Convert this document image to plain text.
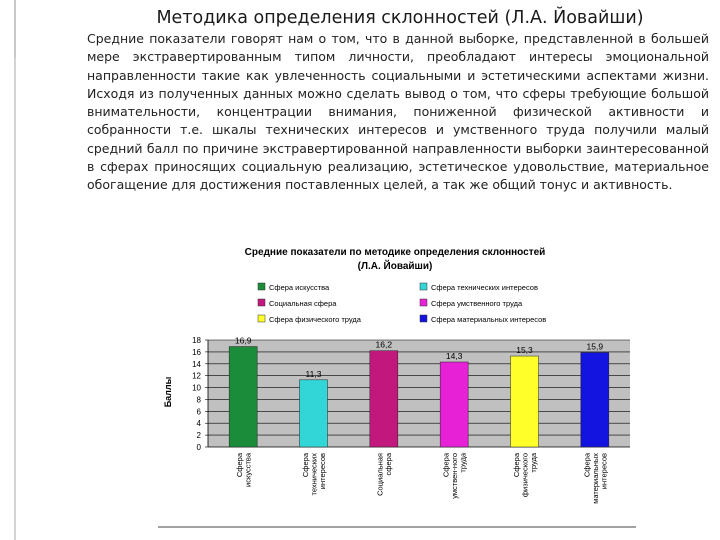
Методика определения склонностей (Л.А. Йовайши)
Средние показатели говорят нам о том, что в данной выборке, представленной в большей мере экстравертированным типом личности, преобладают интересы эмоциональной направленности такие как увлеченность социальными и эстетическими аспектами жизни. Исходя из полученных данных можно сделать вывод о том, что сферы требующие большой внимательности, концентрации внимания, пониженной физической активности и собранности т.е. шкалы технических интересов и умственного труда получили малый средний балл по причине экстравертированной направленности выборки заинтересованной в сферах приносящих социальную реализацию, эстетическое удовольствие, материальное обогащение для достижения поставленных целей, а так же общий тонус и активность.
Средние показатели по методике определения склонностей
(Л.А. Йовайши)
Сфера искусства	Сфера технических интересов
Социальная сфера	Сфера умственного труда
Сфера физического труда	Сфера материальных интересов
0
2
4
6
8
10
12
14
16
18	16,9
Сфера искусства
11,3
Сфера технических интересов
16,2
Социальная сфера
14,3
Сфера умствен-ного труда
15,3
Сфера физического труда
15,9
Сфера материальных интересов
Баллы
